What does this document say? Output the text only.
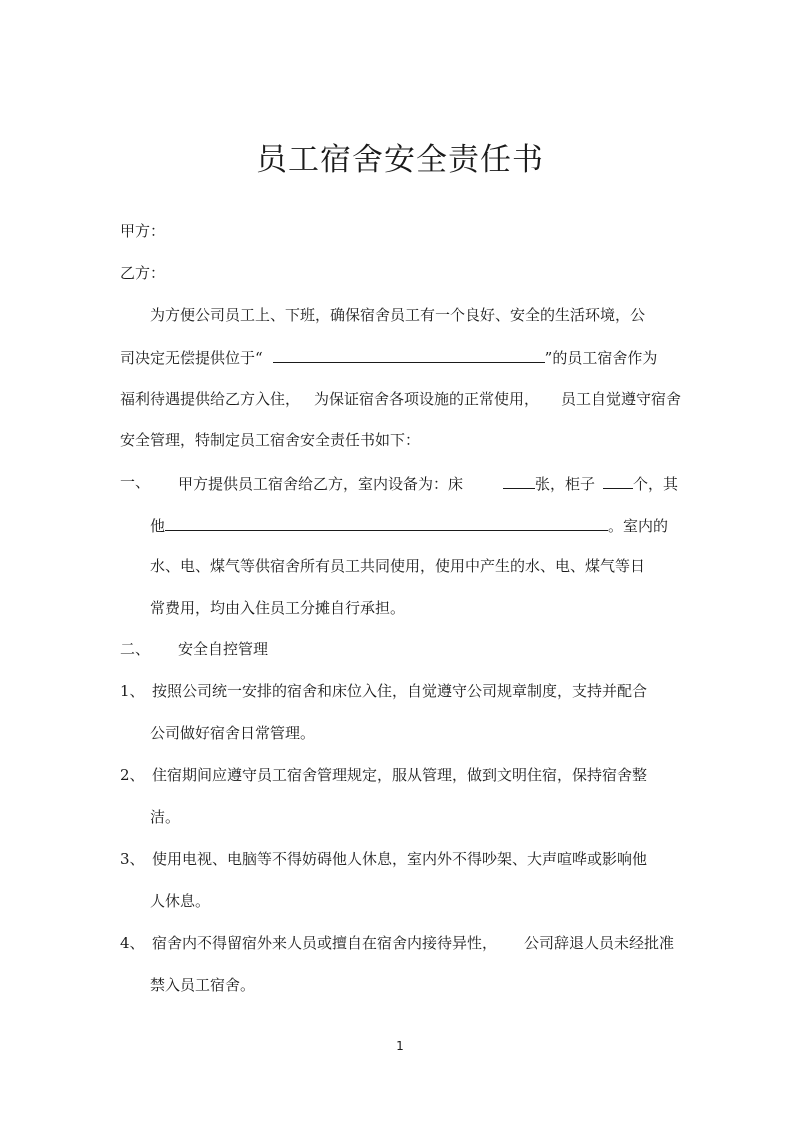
员工宿舍安全责任书
甲方：
乙方：
为方便公司员工上、下班，确保宿舍员工有一个良好、安全的生活环境，公
司决定无偿提供位于“	”的员工宿舍作为
福利待遇提供给乙方入住， 为保证宿舍各项设施的正常使用， 员工自觉遵守宿舍
安全管理，特制定员工宿舍安全责任书如下：
一、 甲方提供员工宿舍给乙方，室内设备为：床	张，柜子	个，其
他	。室内的
水、电、煤气等供宿舍所有员工共同使用，使用中产生的水、电、煤气等日
常费用，均由入住员工分摊自行承担。
二、 安全自控管理
1、 按照公司统一安排的宿舍和床位入住，自觉遵守公司规章制度，支持并配合
公司做好宿舍日常管理。
2、 住宿期间应遵守员工宿舍管理规定，服从管理，做到文明住宿，保持宿舍整
洁。
3、 使用电视、电脑等不得妨碍他人休息，室内外不得吵架、大声喧哗或影响他
人休息。
4、 宿舍内不得留宿外来人员或擅自在宿舍内接待异性， 公司辞退人员未经批准
禁入员工宿舍。
1
